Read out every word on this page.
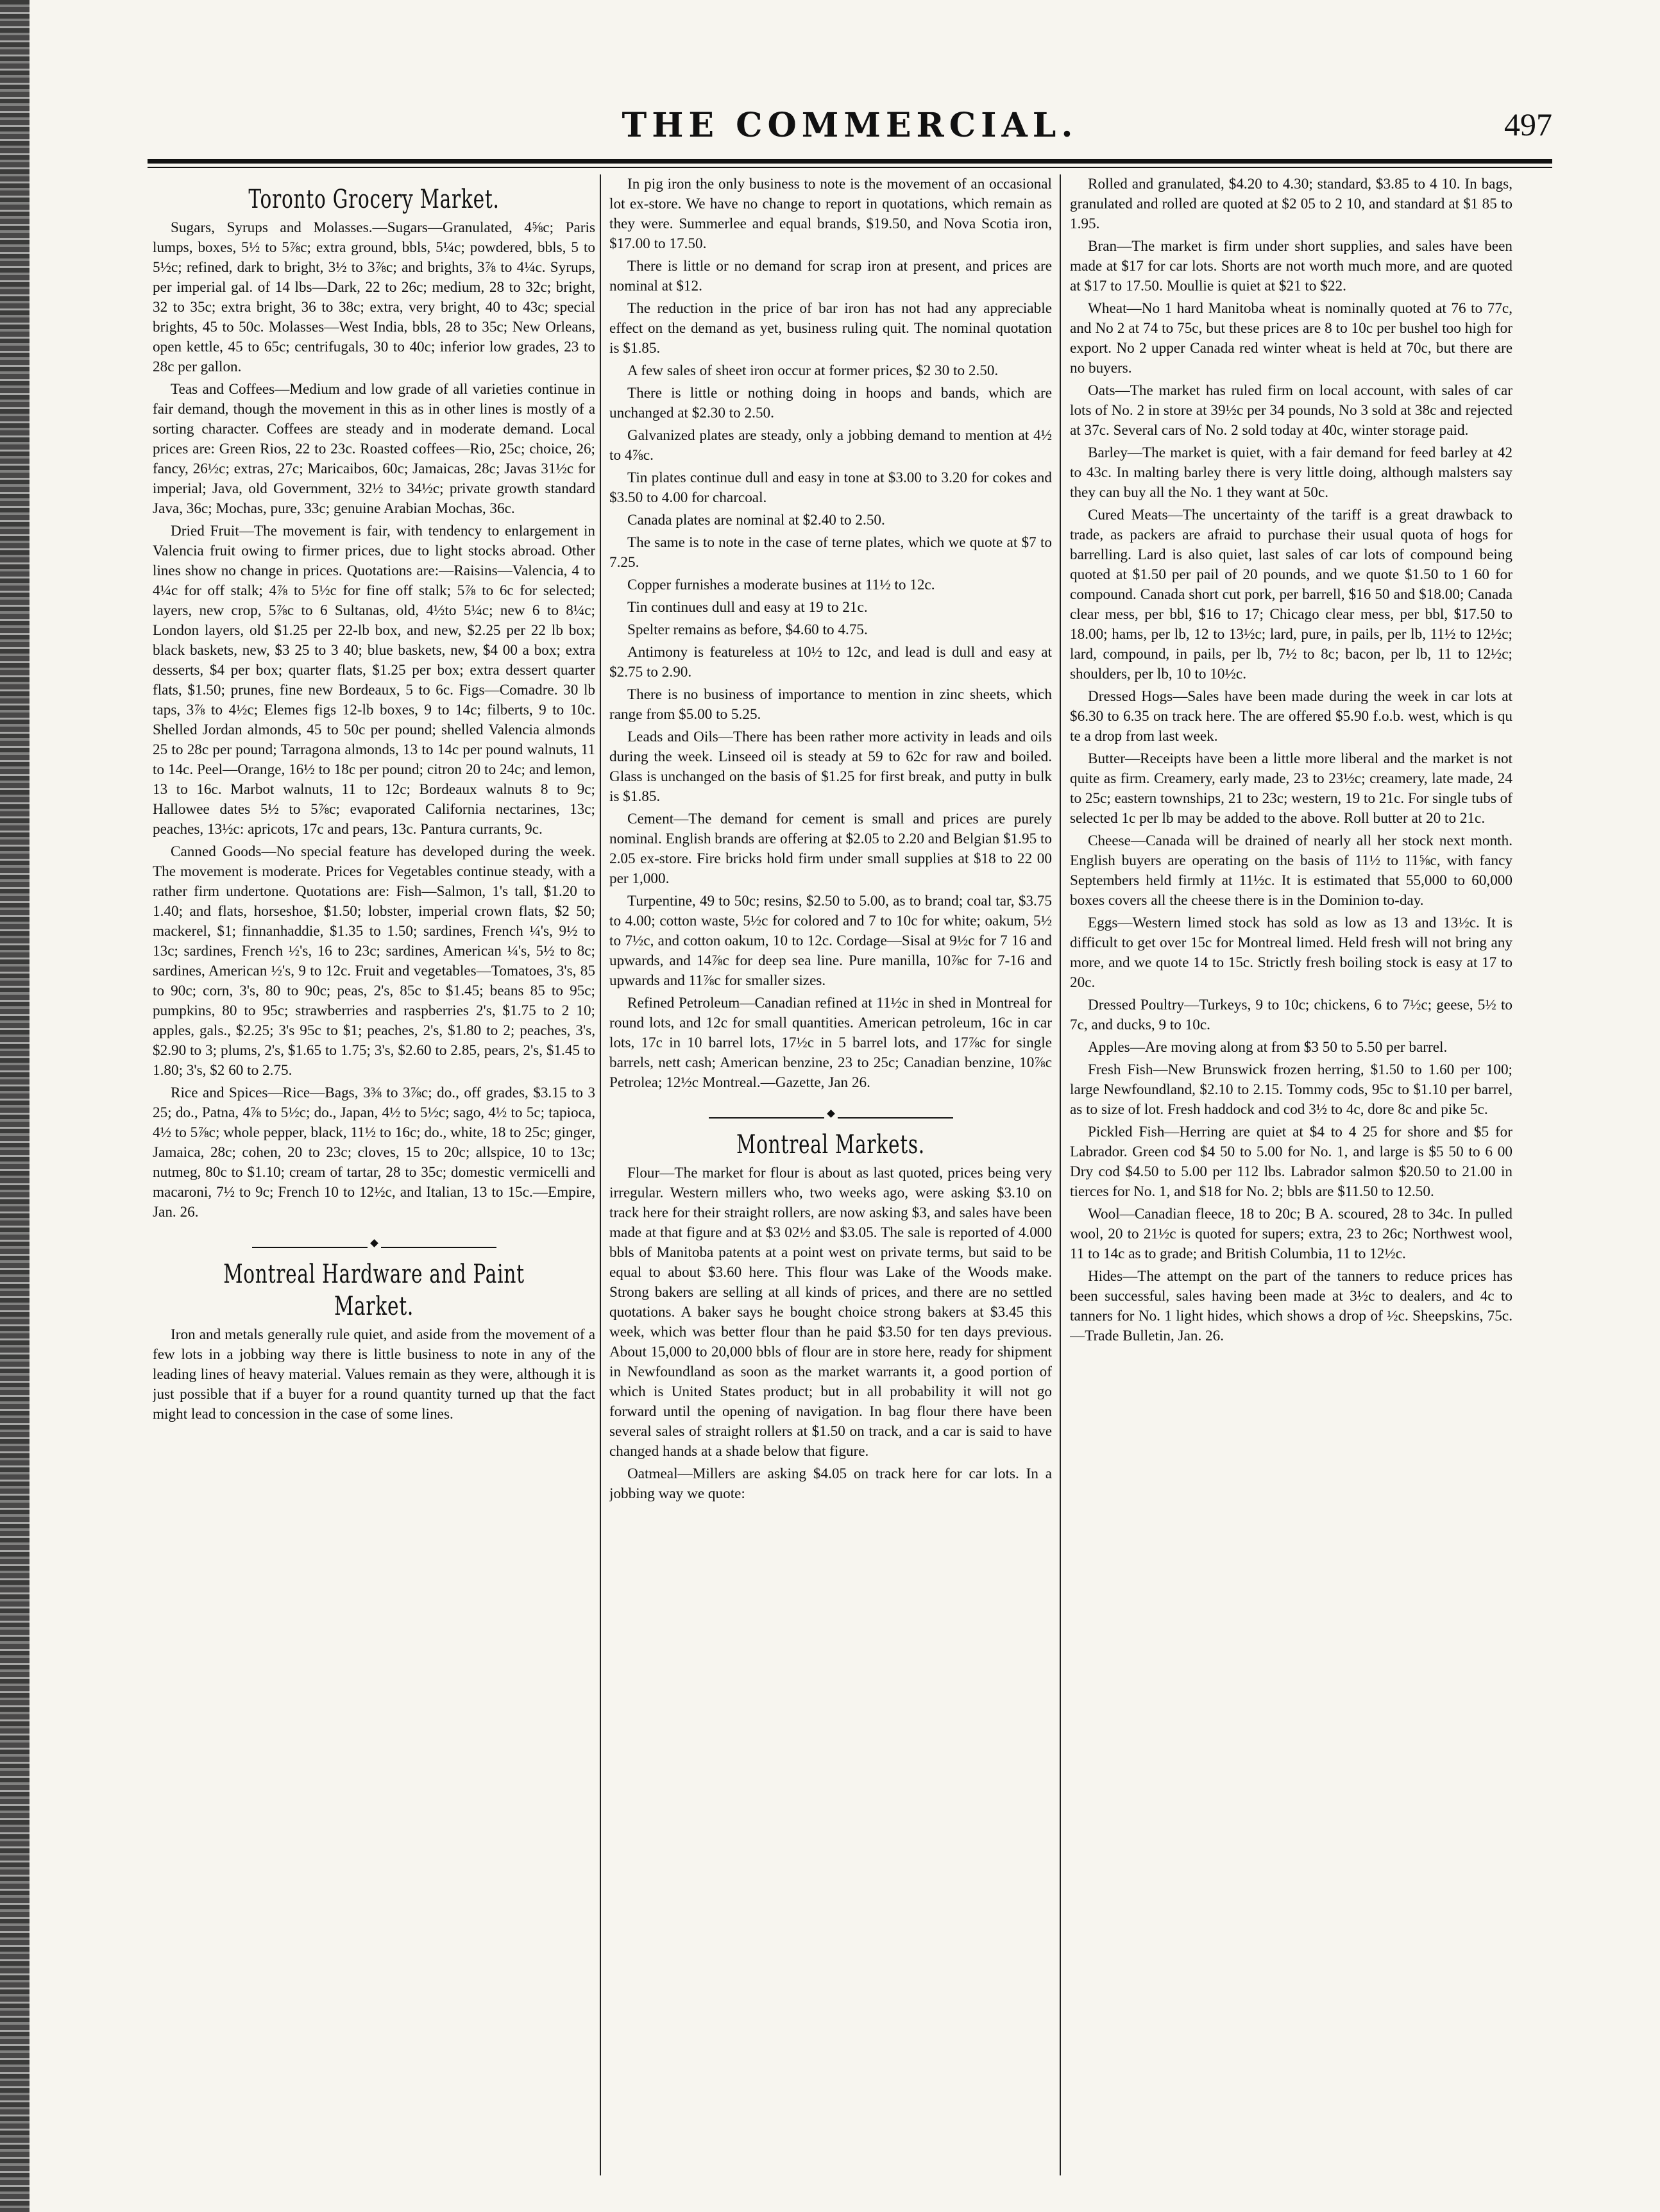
THE COMMERCIAL.	497
Toronto Grocery Market.

Sugars, Syrups and Molasses.—Sugars—Granulated, 4⅝c; Paris lumps, boxes, 5½ to 5⅞c; extra ground, bbls, 5¼c; powdered, bbls, 5 to 5½c; refined, dark to bright, 3½ to 3⅞c; and brights, 3⅞ to 4¼c. Syrups, per imperial gal. of 14 lbs—Dark, 22 to 26c; medium, 28 to 32c; bright, 32 to 35c; extra bright, 36 to 38c; extra, very bright, 40 to 43c; special brights, 45 to 50c. Molasses—West India, bbls, 28 to 35c; New Orleans, open kettle, 45 to 65c; centrifugals, 30 to 40c; inferior low grades, 23 to 28c per gallon.

Teas and Coffees—Medium and low grade of all varieties continue in fair demand, though the movement in this as in other lines is mostly of a sorting character. Coffees are steady and in moderate demand. Local prices are: Green Rios, 22 to 23c. Roasted coffees—Rio, 25c; choice, 26; fancy, 26½c; extras, 27c; Maricaibos, 60c; Jamaicas, 28c; Javas 31½c for imperial; Java, old Government, 32½ to 34½c; private growth standard Java, 36c; Mochas, pure, 33c; genuine Arabian Mochas, 36c.

Dried Fruit—The movement is fair, with tendency to enlargement in Valencia fruit owing to firmer prices, due to light stocks abroad. Other lines show no change in prices. Quotations are:—Raisins—Valencia, 4 to 4¼c for off stalk; 4⅞ to 5½c for fine off stalk; 5⅞ to 6c for selected; layers, new crop, 5⅞c to 6 Sultanas, old, 4½to 5¼c; new 6 to 8¼c; London layers, old $1.25 per 22-lb box, and new, $2.25 per 22 lb box; black baskets, new, $3 25 to 3 40; blue baskets, new, $4 00 a box; extra desserts, $4 per box; quarter flats, $1.25 per box; extra dessert quarter flats, $1.50; prunes, fine new Bordeaux, 5 to 6c. Figs—Comadre. 30 lb taps, 3⅞ to 4½c; Elemes figs 12-lb boxes, 9 to 14c; filberts, 9 to 10c. Shelled Jordan almonds, 45 to 50c per pound; shelled Valencia almonds 25 to 28c per pound; Tarragona almonds, 13 to 14c per pound walnuts, 11 to 14c. Peel—Orange, 16½ to 18c per pound; citron 20 to 24c; and lemon, 13 to 16c. Marbot walnuts, 11 to 12c; Bordeaux walnuts 8 to 9c; Hallowee dates 5½ to 5⅞c; evaporated California nectarines, 13c; peaches, 13½c: apricots, 17c and pears, 13c. Pantura currants, 9c.

Canned Goods—No special feature has developed during the week. The movement is moderate. Prices for Vegetables continue steady, with a rather firm undertone. Quotations are: Fish—Salmon, 1's tall, $1.20 to 1.40; and flats, horseshoe, $1.50; lobster, imperial crown flats, $2 50; mackerel, $1; finnanhaddie, $1.35 to 1.50; sardines, French ¼'s, 9½ to 13c; sardines, French ½'s, 16 to 23c; sardines, American ¼'s, 5½ to 8c; sardines, American ½'s, 9 to 12c. Fruit and vegetables—Tomatoes, 3's, 85 to 90c; corn, 3's, 80 to 90c; peas, 2's, 85c to $1.45; beans 85 to 95c; pumpkins, 80 to 95c; strawberries and raspberries 2's, $1.75 to 2 10; apples, gals., $2.25; 3's 95c to $1; peaches, 2's, $1.80 to 2; peaches, 3's, $2.90 to 3; plums, 2's, $1.65 to 1.75; 3's, $2.60 to 2.85, pears, 2's, $1.45 to 1.80; 3's, $2 60 to 2.75.

Rice and Spices—Rice—Bags, 3⅜ to 3⅞c; do., off grades, $3.15 to 3 25; do., Patna, 4⅞ to 5½c; do., Japan, 4½ to 5½c; sago, 4½ to 5c; tapioca, 4½ to 5⅞c; whole pepper, black, 11½ to 16c; do., white, 18 to 25c; ginger, Jamaica, 28c; cohen, 20 to 23c; cloves, 15 to 20c; allspice, 10 to 13c; nutmeg, 80c to $1.10; cream of tartar, 28 to 35c; domestic vermicelli and macaroni, 7½ to 9c; French 10 to 12½c, and Italian, 13 to 15c.—Empire, Jan. 26.

Montreal Hardware and Paint Market.

Iron and metals generally rule quiet, and aside from the movement of a few lots in a jobbing way there is little business to note in any of the leading lines of heavy material. Values remain as they were, although it is just possible that if a buyer for a round quantity turned up that the fact might lead to concession in the case of some lines.

In pig iron the only business to note is the movement of an occasional lot ex-store. We have no change to report in quotations, which remain as they were. Summerlee and equal brands, $19.50, and Nova Scotia iron, $17.00 to 17.50.

There is little or no demand for scrap iron at present, and prices are nominal at $12.

The reduction in the price of bar iron has not had any appreciable effect on the demand as yet, business ruling quit. The nominal quotation is $1.85.

A few sales of sheet iron occur at former prices, $2 30 to 2.50.

There is little or nothing doing in hoops and bands, which are unchanged at $2.30 to 2.50.

Galvanized plates are steady, only a jobbing demand to mention at 4½ to 4⅞c.

Tin plates continue dull and easy in tone at $3.00 to 3.20 for cokes and $3.50 to 4.00 for charcoal.

Canada plates are nominal at $2.40 to 2.50.

The same is to note in the case of terne plates, which we quote at $7 to 7.25.

Copper furnishes a moderate busines at 11½ to 12c.

Tin continues dull and easy at 19 to 21c.

Spelter remains as before, $4.60 to 4.75.

Antimony is featureless at 10½ to 12c, and lead is dull and easy at $2.75 to 2.90.

There is no business of importance to mention in zinc sheets, which range from $5.00 to 5.25.

Leads and Oils—There has been rather more activity in leads and oils during the week. Linseed oil is steady at 59 to 62c for raw and boiled. Glass is unchanged on the basis of $1.25 for first break, and putty in bulk is $1.85.

Cement—The demand for cement is small and prices are purely nominal. English brands are offering at $2.05 to 2.20 and Belgian $1.95 to 2.05 ex-store. Fire bricks hold firm under small supplies at $18 to 22 00 per 1,000.

Turpentine, 49 to 50c; resins, $2.50 to 5.00, as to brand; coal tar, $3.75 to 4.00; cotton waste, 5½c for colored and 7 to 10c for white; oakum, 5½ to 7½c, and cotton oakum, 10 to 12c. Cordage—Sisal at 9½c for 7 16 and upwards, and 14⅞c for deep sea line. Pure manilla, 10⅞c for 7-16 and upwards and 11⅞c for smaller sizes.

Refined Petroleum—Canadian refined at 11½c in shed in Montreal for round lots, and 12c for small quantities. American petroleum, 16c in car lots, 17c in 10 barrel lots, 17½c in 5 barrel lots, and 17⅞c for single barrels, nett cash; American benzine, 23 to 25c; Canadian benzine, 10⅞c Petrolea; 12½c Montreal.—Gazette, Jan 26.

Montreal Markets.

Flour—The market for flour is about as last quoted, prices being very irregular. Western millers who, two weeks ago, were asking $3.10 on track here for their straight rollers, are now asking $3, and sales have been made at that figure and at $3 02½ and $3.05. The sale is reported of 4.000 bbls of Manitoba patents at a point west on private terms, but said to be equal to about $3.60 here. This flour was Lake of the Woods make. Strong bakers are selling at all kinds of prices, and there are no settled quotations. A baker says he bought choice strong bakers at $3.45 this week, which was better flour than he paid $3.50 for ten days previous. About 15,000 to 20,000 bbls of flour are in store here, ready for shipment in Newfoundland as soon as the market warrants it, a good portion of which is United States product; but in all probability it will not go forward until the opening of navigation. In bag flour there have been several sales of straight rollers at $1.50 on track, and a car is said to have changed hands at a shade below that figure.

Oatmeal—Millers are asking $4.05 on track here for car lots. In a jobbing way we quote:

Rolled and granulated, $4.20 to 4.30; standard, $3.85 to 4 10. In bags, granulated and rolled are quoted at $2 05 to 2 10, and standard at $1 85 to 1.95.

Bran—The market is firm under short supplies, and sales have been made at $17 for car lots. Shorts are not worth much more, and are quoted at $17 to 17.50. Moullie is quiet at $21 to $22.

Wheat—No 1 hard Manitoba wheat is nominally quoted at 76 to 77c, and No 2 at 74 to 75c, but these prices are 8 to 10c per bushel too high for export. No 2 upper Canada red winter wheat is held at 70c, but there are no buyers.

Oats—The market has ruled firm on local account, with sales of car lots of No. 2 in store at 39½c per 34 pounds, No 3 sold at 38c and rejected at 37c. Several cars of No. 2 sold today at 40c, winter storage paid.

Barley—The market is quiet, with a fair demand for feed barley at 42 to 43c. In malting barley there is very little doing, although malsters say they can buy all the No. 1 they want at 50c.

Cured Meats—The uncertainty of the tariff is a great drawback to trade, as packers are afraid to purchase their usual quota of hogs for barrelling. Lard is also quiet, last sales of car lots of compound being quoted at $1.50 per pail of 20 pounds, and we quote $1.50 to 1 60 for compound. Canada short cut pork, per barrell, $16 50 and $18.00; Canada clear mess, per bbl, $16 to 17; Chicago clear mess, per bbl, $17.50 to 18.00; hams, per lb, 12 to 13½c; lard, pure, in pails, per lb, 11½ to 12½c; lard, compound, in pails, per lb, 7½ to 8c; bacon, per lb, 11 to 12½c; shoulders, per lb, 10 to 10½c.

Dressed Hogs—Sales have been made during the week in car lots at $6.30 to 6.35 on track here. The are offered $5.90 f.o.b. west, which is qu te a drop from last week.

Butter—Receipts have been a little more liberal and the market is not quite as firm. Creamery, early made, 23 to 23½c; creamery, late made, 24 to 25c; eastern townships, 21 to 23c; western, 19 to 21c. For single tubs of selected 1c per lb may be added to the above. Roll butter at 20 to 21c.

Cheese—Canada will be drained of nearly all her stock next month. English buyers are operating on the basis of 11½ to 11⅝c, with fancy Septembers held firmly at 11½c. It is estimated that 55,000 to 60,000 boxes covers all the cheese there is in the Dominion to-day.

Eggs—Western limed stock has sold as low as 13 and 13½c. It is difficult to get over 15c for Montreal limed. Held fresh will not bring any more, and we quote 14 to 15c. Strictly fresh boiling stock is easy at 17 to 20c.

Dressed Poultry—Turkeys, 9 to 10c; chickens, 6 to 7½c; geese, 5½ to 7c, and ducks, 9 to 10c.

Apples—Are moving along at from $3 50 to 5.50 per barrel.

Fresh Fish—New Brunswick frozen herring, $1.50 to 1.60 per 100; large Newfoundland, $2.10 to 2.15. Tommy cods, 95c to $1.10 per barrel, as to size of lot. Fresh haddock and cod 3½ to 4c, dore 8c and pike 5c.

Pickled Fish—Herring are quiet at $4 to 4 25 for shore and $5 for Labrador. Green cod $4 50 to 5.00 for No. 1, and large is $5 50 to 6 00 Dry cod $4.50 to 5.00 per 112 lbs. Labrador salmon $20.50 to 21.00 in tierces for No. 1, and $18 for No. 2; bbls are $11.50 to 12.50.

Wool—Canadian fleece, 18 to 20c; B A. scoured, 28 to 34c. In pulled wool, 20 to 21½c is quoted for supers; extra, 23 to 26c; Northwest wool, 11 to 14c as to grade; and British Columbia, 11 to 12½c.

Hides—The attempt on the part of the tanners to reduce prices has been successful, sales having been made at 3½c to dealers, and 4c to tanners for No. 1 light hides, which shows a drop of ½c. Sheepskins, 75c.—Trade Bulletin, Jan. 26.
